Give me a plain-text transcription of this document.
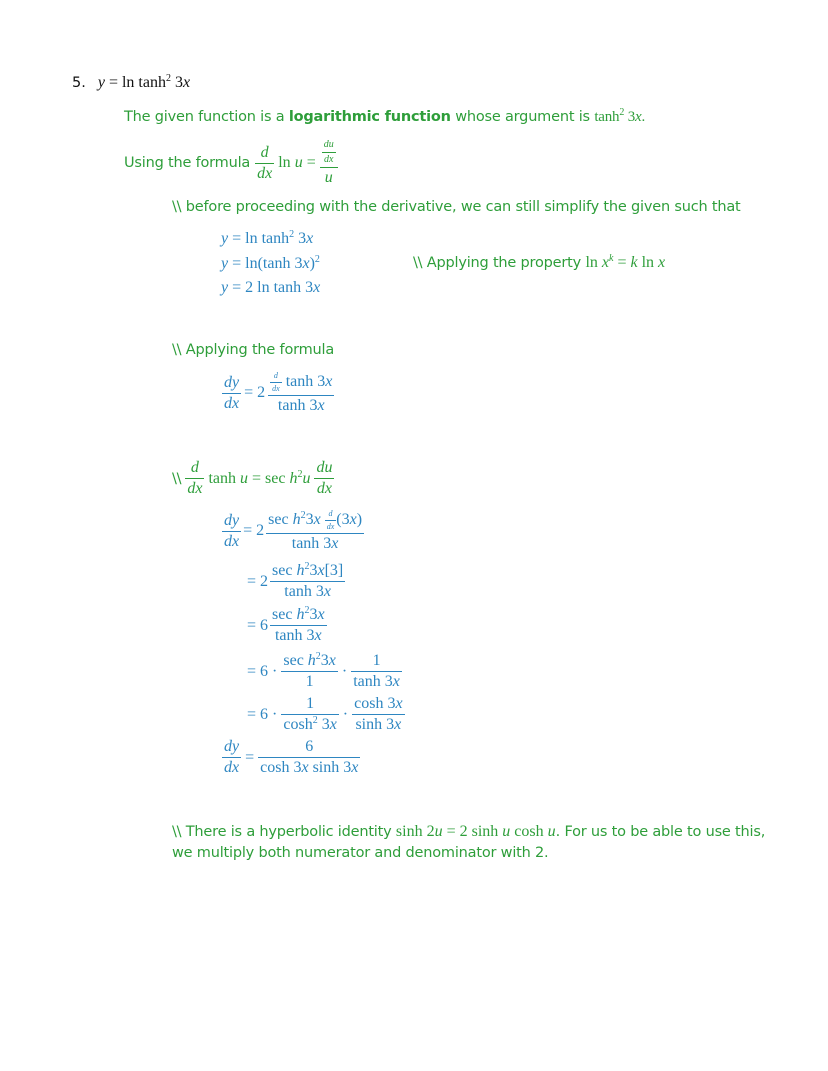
5. $y = \ln \tanh^2 3x$
The given function is a logarithmic function whose argument is $\tanh^2 3x$.
Using the formula $\frac{d}{dx}$ $\ln u = \frac{\frac{du}{dx}}{u}$
\\ before proceeding with the derivative, we can still simplify the given such that
$y = \ln \tanh^2 3x$
y = ln(tanh 3x)$^2$
y = 2 ln tanh 3x
\\ Applying the property $\ln x^k = k$ ln x
\\ Applying the formula
$\frac{dy}{dx} = 2 \frac{\frac{d}{dx} \tanh 3x}{\tanh 3x}$
\\ $\frac{d}{dx}$ $\tanh u = \sec h^2u \frac{du}{dx}$
$\frac{dy}{dx} = 2 \frac{\sec h^23x \frac{d}{dx} (3x)}{\tanh 3x}$
= $2 \frac{\sec h^23x[3]}{\tanh 3x}$
= $6 \frac{\sec h^23x}{\tanh 3x}$
= $6 \cdot \frac{\sec h^23x}{1} \cdot \frac{1}{\tanh 3x}$
= $6 \cdot \frac{1}{\cosh^2 3x} \cdot \frac{\cosh 3x}{\sinh 3x}$
$\frac{dy}{dx} = \frac{6}{\text{cosh 3x sinh 3x}}$
\\ There is a hyperbolic identity sinh 2u = 2 sinh u cosh u. For us to be able to use this,
we multiply both numerator and denominator with 2.
